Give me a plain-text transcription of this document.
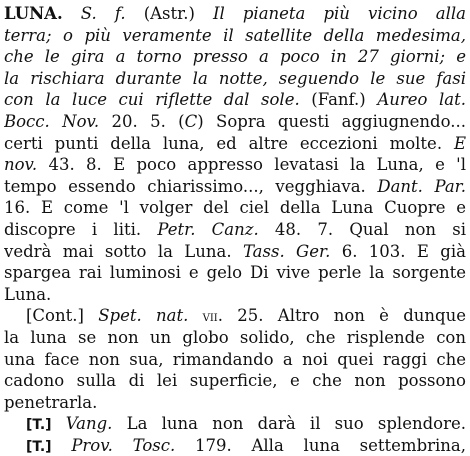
LUNA. S. f. (Astr.) Il pianeta più vicino alla
terra; o più veramente il satellite della medesima,
che le gira a torno presso a poco in 27 giorni; e
la rischiara durante la notte, seguendo le sue fasi
con la luce cui riflette dal sole. (Fanf.) Aureo lat.
Bocc. Nov. 20. 5. (C) Sopra questi aggiugnendo...
certi punti della luna, ed altre eccezioni molte. E
nov. 43. 8. E poco appresso levatasi la Luna, e 'l
tempo essendo chiarissimo..., vegghiava. Dant. Par.
16. E come 'l volger del ciel della Luna Cuopre e
discopre i liti. Petr. Canz. 48. 7. Qual non si
vedrà mai sotto la Luna. Tass. Ger. 6. 103. E già
spargea rai luminosi e gelo Di vive perle la sorgente
Luna.
[Cont.] Spet. nat. vii. 25. Altro non è dunque
la luna se non un globo solido, che risplende con
una face non sua, rimandando a noi quei raggi che
cadono sulla di lei superficie, e che non possono
penetrarla.
[T.] Vang. La luna non darà il suo splendore.
[T.] Prov. Tosc. 179. Alla luna settembrina,
